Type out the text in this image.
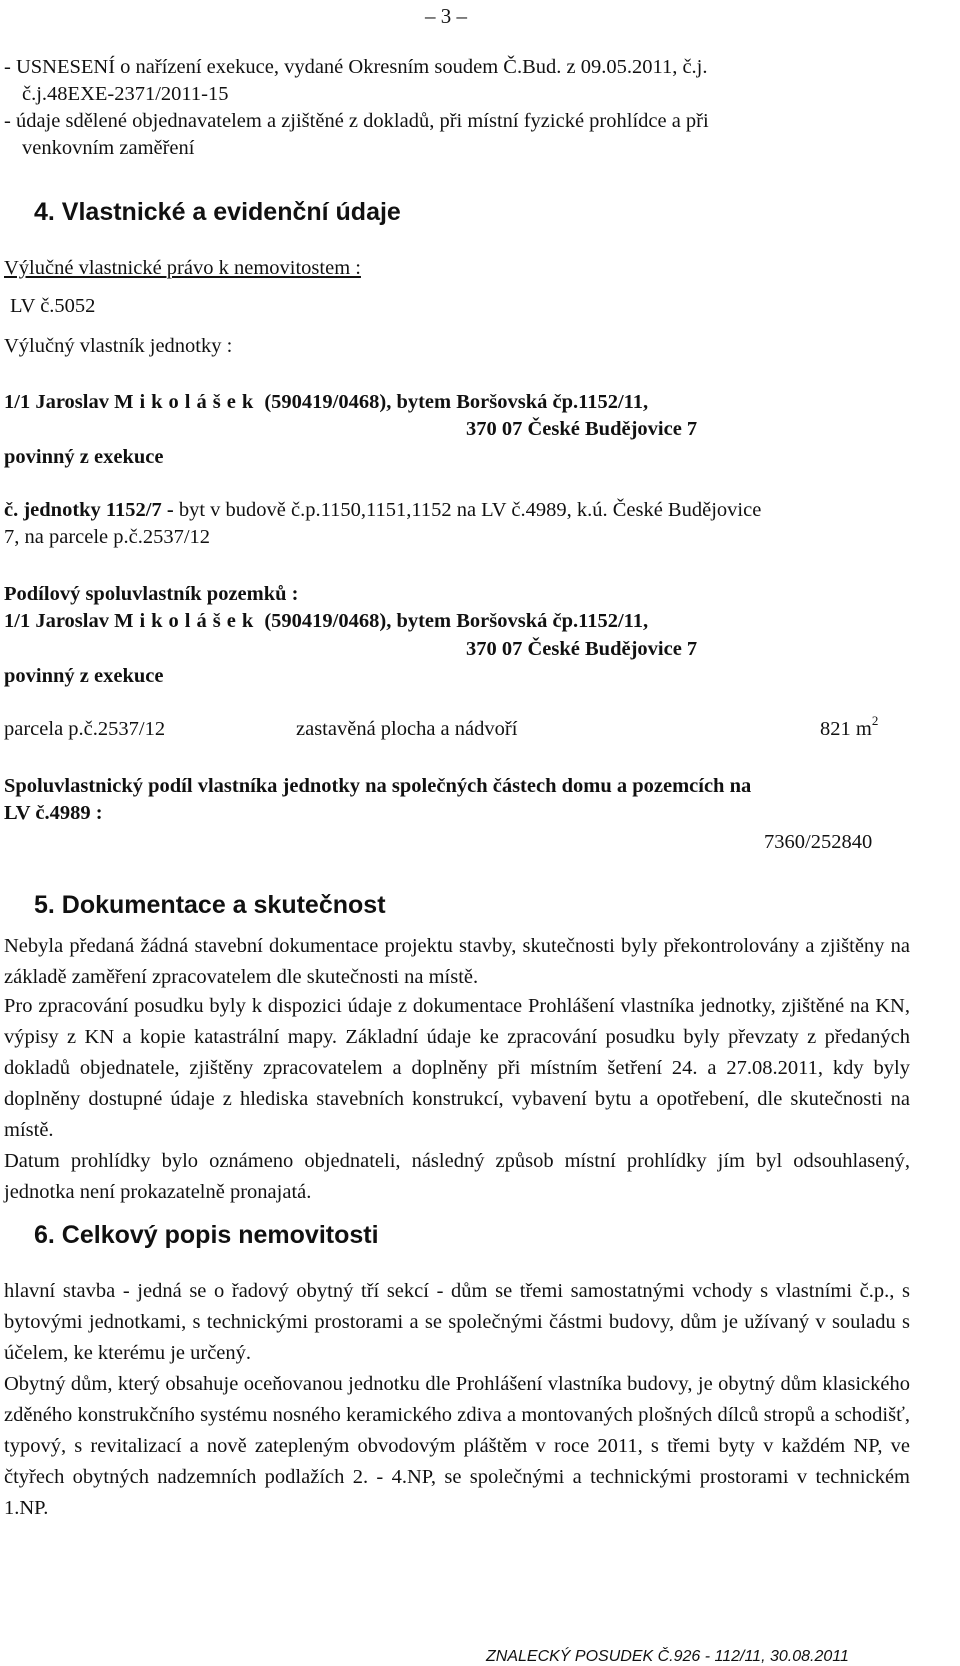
– 3 –
- USNESENÍ o nařízení exekuce, vydané Okresním soudem Č.Bud. z 09.05.2011, č.j.
č.j.48EXE-2371/2011-15
- údaje sdělené objednavatelem a zjištěné z dokladů, při místní fyzické prohlídce a při
venkovním zaměření
4. Vlastnické a evidenční údaje
Výlučné vlastnické právo k nemovitostem :
LV č.5052
Výlučný vlastník jednotky :
1/1 Jaroslav Mikolášek (590419/0468), bytem Boršovská čp.1152/11,
370 07 České Budějovice 7
povinný z exekuce
č. jednotky 1152/7 - byt v budově č.p.1150,1151,1152 na LV č.4989, k.ú. České Budějovice
7, na parcele p.č.2537/12
Podílový spoluvlastník pozemků :
1/1 Jaroslav Mikolášek (590419/0468), bytem Boršovská čp.1152/11,
370 07 České Budějovice 7
povinný z exekuce
parcela p.č.2537/12	zastavěná plocha a nádvoří	821 $m^2$
Spoluvlastnický podíl vlastníka jednotky na společných částech domu a pozemcích na
LV č.4989 :
7360/252840
5. Dokumentace a skutečnost
Nebyla předaná žádná stavební dokumentace projektu stavby, skutečnosti byly překontrolovány a zjištěny na základě zaměření zpracovatelem dle skutečnosti na místě.
Pro zpracování posudku byly k dispozici údaje z dokumentace Prohlášení vlastníka jednotky, zjištěné na KN, výpisy z KN a kopie katastrální mapy. Základní údaje ke zpracování posudku byly převzaty z předaných dokladů objednatele, zjištěny zpracovatelem a doplněny při místním šetření 24. a 27.08.2011, kdy byly doplněny dostupné údaje z hlediska stavebních konstrukcí, vybavení bytu a opotřebení, dle skutečnosti na místě.
Datum prohlídky bylo oznámeno objednateli, následný způsob místní prohlídky jím byl odsouhlasený, jednotka není prokazatelně pronajatá.
6. Celkový popis nemovitosti
hlavní stavba - jedná se o řadový obytný tří sekcí - dům se třemi samostatnými vchody s vlastními č.p., s bytovými jednotkami, s technickými prostorami a se společnými částmi budovy, dům je užívaný v souladu s účelem, ke kterému je určený.
Obytný dům, který obsahuje oceňovanou jednotku dle Prohlášení vlastníka budovy, je obytný dům klasického zděného konstrukčního systému nosného keramického zdiva a montovaných plošných dílců stropů a schodišť, typový, s revitalizací a nově zatepleným obvodovým pláštěm v roce 2011, s třemi byty v každém NP, ve čtyřech obytných nadzemních podlažích 2. - 4.NP, se společnými a technickými prostorami v technickém 1.NP.
ZNALECKÝ POSUDEK Č.926 - 112/11, 30.08.2011
